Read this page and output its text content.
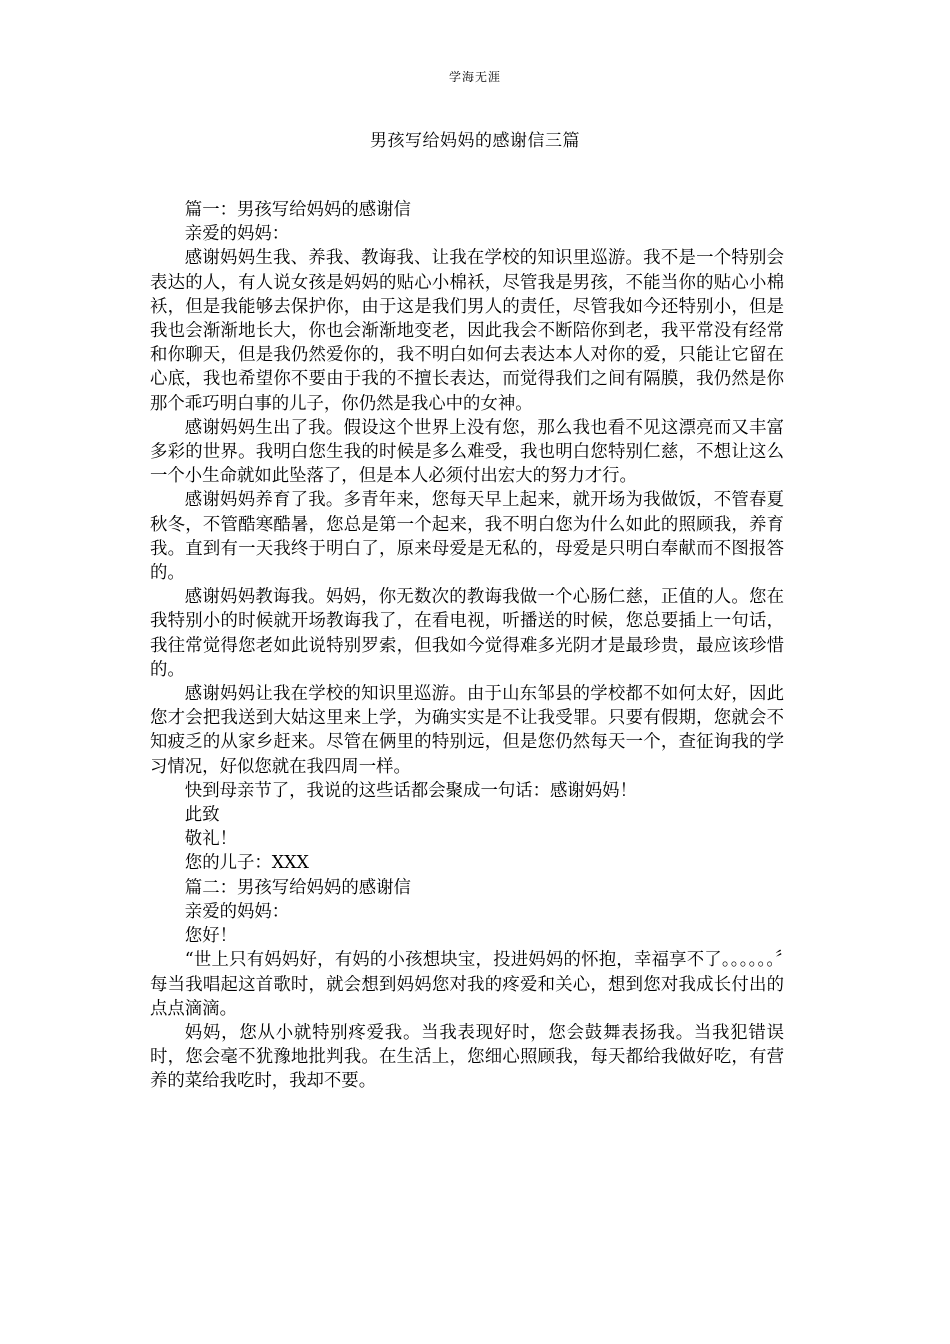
学海无涯
男孩写给妈妈的感谢信三篇

篇一：男孩写给妈妈的感谢信

亲爱的妈妈：

感谢妈妈生我、养我、教诲我、让我在学校的知识里巡游。我不是一个特别会表达的人，有人说女孩是妈妈的贴心小棉袄，尽管我是男孩，不能当你的贴心小棉袄，但是我能够去保护你，由于这是我们男人的责任，尽管我如今还特别小，但是我也会渐渐地长大，你也会渐渐地变老，因此我会不断陪你到老，我平常没有经常和你聊天，但是我仍然爱你的，我不明白如何去表达本人对你的爱，只能让它留在心底，我也希望你不要由于我的不擅长表达，而觉得我们之间有隔膜，我仍然是你那个乖巧明白事的儿子，你仍然是我心中的女神。

感谢妈妈生出了我。假设这个世界上没有您，那么我也看不见这漂亮而又丰富多彩的世界。我明白您生我的时候是多么难受，我也明白您特别仁慈，不想让这么一个小生命就如此坠落了，但是本人必须付出宏大的努力才行。

感谢妈妈养育了我。多青年来，您每天早上起来，就开场为我做饭，不管春夏秋冬，不管酷寒酷暑，您总是第一个起来，我不明白您为什么如此的照顾我，养育我。直到有一天我终于明白了，原来母爱是无私的，母爱是只明白奉献而不图报答的。

感谢妈妈教诲我。妈妈，你无数次的教诲我做一个心肠仁慈，正值的人。您在我特别小的时候就开场教诲我了，在看电视，听播送的时候，您总要插上一句话，我往常觉得您老如此说特别罗索，但我如今觉得难多光阴才是最珍贵，最应该珍惜的。

感谢妈妈让我在学校的知识里巡游。由于山东邹县的学校都不如何太好，因此您才会把我送到大姑这里来上学，为确实实是不让我受罪。只要有假期，您就会不知疲乏的从家乡赶来。尽管在俩里的特别远，但是您仍然每天一个，查征询我的学习情况，好似您就在我四周一样。

快到母亲节了，我说的这些话都会聚成一句话：感谢妈妈！

此致

敬礼！

您的儿子：XXX

篇二：男孩写给妈妈的感谢信

亲爱的妈妈：

您好！

“世上只有妈妈好，有妈的小孩想块宝，投进妈妈的怀抱，幸福享不了。。。。。。〞每当我唱起这首歌时，就会想到妈妈您对我的疼爱和关心，想到您对我成长付出的点点滴滴。

妈妈，您从小就特别疼爱我。当我表现好时，您会鼓舞表扬我。当我犯错误时，您会毫不犹豫地批判我。在生活上，您细心照顾我，每天都给我做好吃，有营养的菜给我吃时，我却不要。
